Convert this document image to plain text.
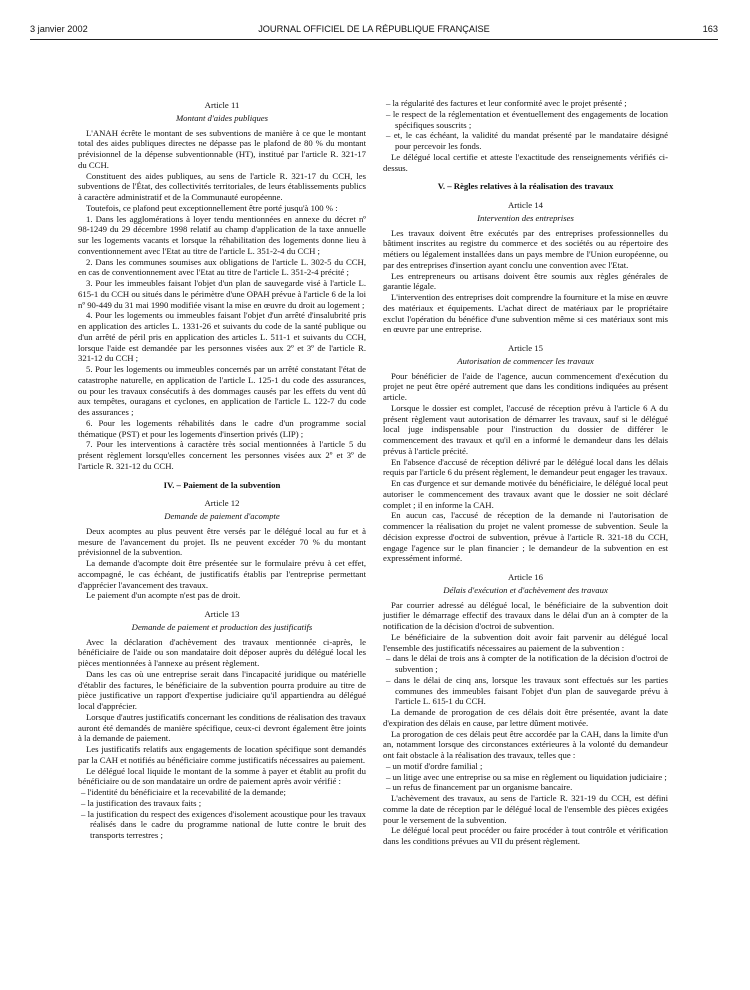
3 janvier 2002	JOURNAL OFFICIEL DE LA RÉPUBLIQUE FRANÇAISE	163
Article 11
Montant d'aides publiques

L'ANAH écrête le montant de ses subventions de manière à ce que le montant total des aides publiques directes ne dépasse pas le plafond de 80 % du montant prévisionnel de la dépense subventionnable (HT), institué par l'article R. 321-17 du CCH.

Constituent des aides publiques, au sens de l'article R. 321-17 du CCH, les subventions de l'État, des collectivités territoriales, de leurs établissements publics à caractère administratif et de la Communauté européenne.

Toutefois, ce plafond peut exceptionnellement être porté jusqu'à 100 % :

1. Dans les agglomérations à loyer tendu mentionnées en annexe du décret nº 98-1249 du 29 décembre 1998 relatif au champ d'application de la taxe annuelle sur les logements vacants et lorsque la réhabilitation des logements donne lieu à conventionnement avec l'Etat au titre de l'article L. 351-2-4 du CCH ;

2. Dans les communes soumises aux obligations de l'article L. 302-5 du CCH, en cas de conventionnement avec l'Etat au titre de l'article L. 351-2-4 précité ;

3. Pour les immeubles faisant l'objet d'un plan de sauvegarde visé à l'article L. 615-1 du CCH ou situés dans le périmètre d'une OPAH prévue à l'article 6 de la loi nº 90-449 du 31 mai 1990 modifiée visant la mise en œuvre du droit au logement ;

4. Pour les logements ou immeubles faisant l'objet d'un arrêté d'insalubrité pris en application des articles L. 1331-26 et suivants du code de la santé publique ou d'un arrêté de péril pris en application des articles L. 511-1 et suivants du CCH, lorsque l'aide est demandée par les personnes visées aux 2º et 3º de l'article R. 321-12 du CCH ;

5. Pour les logements ou immeubles concernés par un arrêté constatant l'état de catastrophe naturelle, en application de l'article L. 125-1 du code des assurances, ou pour les travaux consécutifs à des dommages causés par les effets du vent dû aux tempêtes, ouragans et cyclones, en application de l'article L. 122-7 du code des assurances ;

6. Pour les logements réhabilités dans le cadre d'un programme social thématique (PST) et pour les logements d'insertion privés (LIP) ;

7. Pour les interventions à caractère très social mentionnées à l'article 5 du présent règlement lorsqu'elles concernent les personnes visées aux 2º et 3º de l'article R. 321-12 du CCH.

IV. – Paiement de la subvention
Article 12
Demande de paiement d'acompte

Deux acomptes au plus peuvent être versés par le délégué local au fur et à mesure de l'avancement du projet. Ils ne peuvent excéder 70 % du montant prévisionnel de la subvention.

La demande d'acompte doit être présentée sur le formulaire prévu à cet effet, accompagné, le cas échéant, de justificatifs établis par l'entreprise permettant d'apprécier l'avancement des travaux.

Le paiement d'un acompte n'est pas de droit.

Article 13
Demande de paiement et production des justificatifs

Avec la déclaration d'achèvement des travaux mentionnée ci-après, le bénéficiaire de l'aide ou son mandataire doit déposer auprès du délégué local les pièces mentionnées à l'annexe au présent règlement.

Dans les cas où une entreprise serait dans l'incapacité juridique ou matérielle d'établir des factures, le bénéficiaire de la subvention pourra produire au titre de pièce justificative un rapport d'expertise judiciaire qu'il appartiendra au délégué local d'apprécier.

Lorsque d'autres justificatifs concernant les conditions de réalisation des travaux auront été demandés de manière spécifique, ceux-ci devront également être joints à la demande de paiement.

Les justificatifs relatifs aux engagements de location spécifique sont demandés par la CAH et notifiés au bénéficiaire comme justificatifs nécessaires au paiement.

Le délégué local liquide le montant de la somme à payer et établit au profit du bénéficiaire ou de son mandataire un ordre de paiement après avoir vérifié :

– l'identité du bénéficiaire et la recevabilité de la demande;

– la justification des travaux faits ;

– la justification du respect des exigences d'isolement acoustique pour les travaux réalisés dans le cadre du programme national de lutte contre le bruit des transports terrestres ;

– la régularité des factures et leur conformité avec le projet présenté ;

– le respect de la réglementation et éventuellement des engagements de location spécifiques souscrits ;

– et, le cas échéant, la validité du mandat présenté par le mandataire désigné pour percevoir les fonds.

Le délégué local certifie et atteste l'exactitude des renseignements vérifiés ci-dessus.

V. – Règles relatives à la réalisation des travaux
Article 14
Intervention des entreprises

Les travaux doivent être exécutés par des entreprises professionnelles du bâtiment inscrites au registre du commerce et des sociétés ou au répertoire des métiers ou légalement installées dans un pays membre de l'Union européenne, ou par des entreprises d'insertion ayant conclu une convention avec l'Etat.

Les entrepreneurs ou artisans doivent être soumis aux règles générales de garantie légale.

L'intervention des entreprises doit comprendre la fourniture et la mise en œuvre des matériaux et équipements. L'achat direct de matériaux par le propriétaire exclut l'opération du bénéfice d'une subvention même si ces matériaux sont mis en œuvre par une entreprise.

Article 15
Autorisation de commencer les travaux

Pour bénéficier de l'aide de l'agence, aucun commencement d'exécution du projet ne peut être opéré autrement que dans les conditions indiquées au présent article.

Lorsque le dossier est complet, l'accusé de réception prévu à l'article 6 A du présent règlement vaut autorisation de démarrer les travaux, sauf si le délégué local juge indispensable pour l'instruction du dossier de différer le commencement des travaux et qu'il en a informé le demandeur dans les délais prévus à l'article précité.

En l'absence d'accusé de réception délivré par le délégué local dans les délais requis par l'article 6 du présent règlement, le demandeur peut engager les travaux.

En cas d'urgence et sur demande motivée du bénéficiaire, le délégué local peut autoriser le commencement des travaux avant que le dossier ne soit déclaré complet ; il en informe la CAH.

En aucun cas, l'accusé de réception de la demande ni l'autorisation de commencer la réalisation du projet ne valent promesse de subvention. Seule la décision expresse d'octroi de subvention, prévue à l'article R. 321-18 du CCH, engage l'agence sur le plan financier ; le demandeur de la subvention en est expressément informé.

Article 16
Délais d'exécution et d'achèvement des travaux

Par courrier adressé au délégué local, le bénéficiaire de la subvention doit justifier le démarrage effectif des travaux dans le délai d'un an à compter de la notification de la décision d'octroi de subvention.

Le bénéficiaire de la subvention doit avoir fait parvenir au délégué local l'ensemble des justificatifs nécessaires au paiement de la subvention :

– dans le délai de trois ans à compter de la notification de la décision d'octroi de subvention ;

– dans le délai de cinq ans, lorsque les travaux sont effectués sur les parties communes des immeubles faisant l'objet d'un plan de sauvegarde prévu à l'article L. 615-1 du CCH.

La demande de prorogation de ces délais doit être présentée, avant la date d'expiration des délais en cause, par lettre dûment motivée.

La prorogation de ces délais peut être accordée par la CAH, dans la limite d'un an, notamment lorsque des circonstances extérieures à la volonté du demandeur ont fait obstacle à la réalisation des travaux, telles que :

– un motif d'ordre familial ;

– un litige avec une entreprise ou sa mise en règlement ou liquidation judiciaire ;

– un refus de financement par un organisme bancaire.

L'achèvement des travaux, au sens de l'article R. 321-19 du CCH, est défini comme la date de réception par le délégué local de l'ensemble des pièces exigées pour le versement de la subvention.

Le délégué local peut procéder ou faire procéder à tout contrôle et vérification dans les conditions prévues au VII du présent règlement.
